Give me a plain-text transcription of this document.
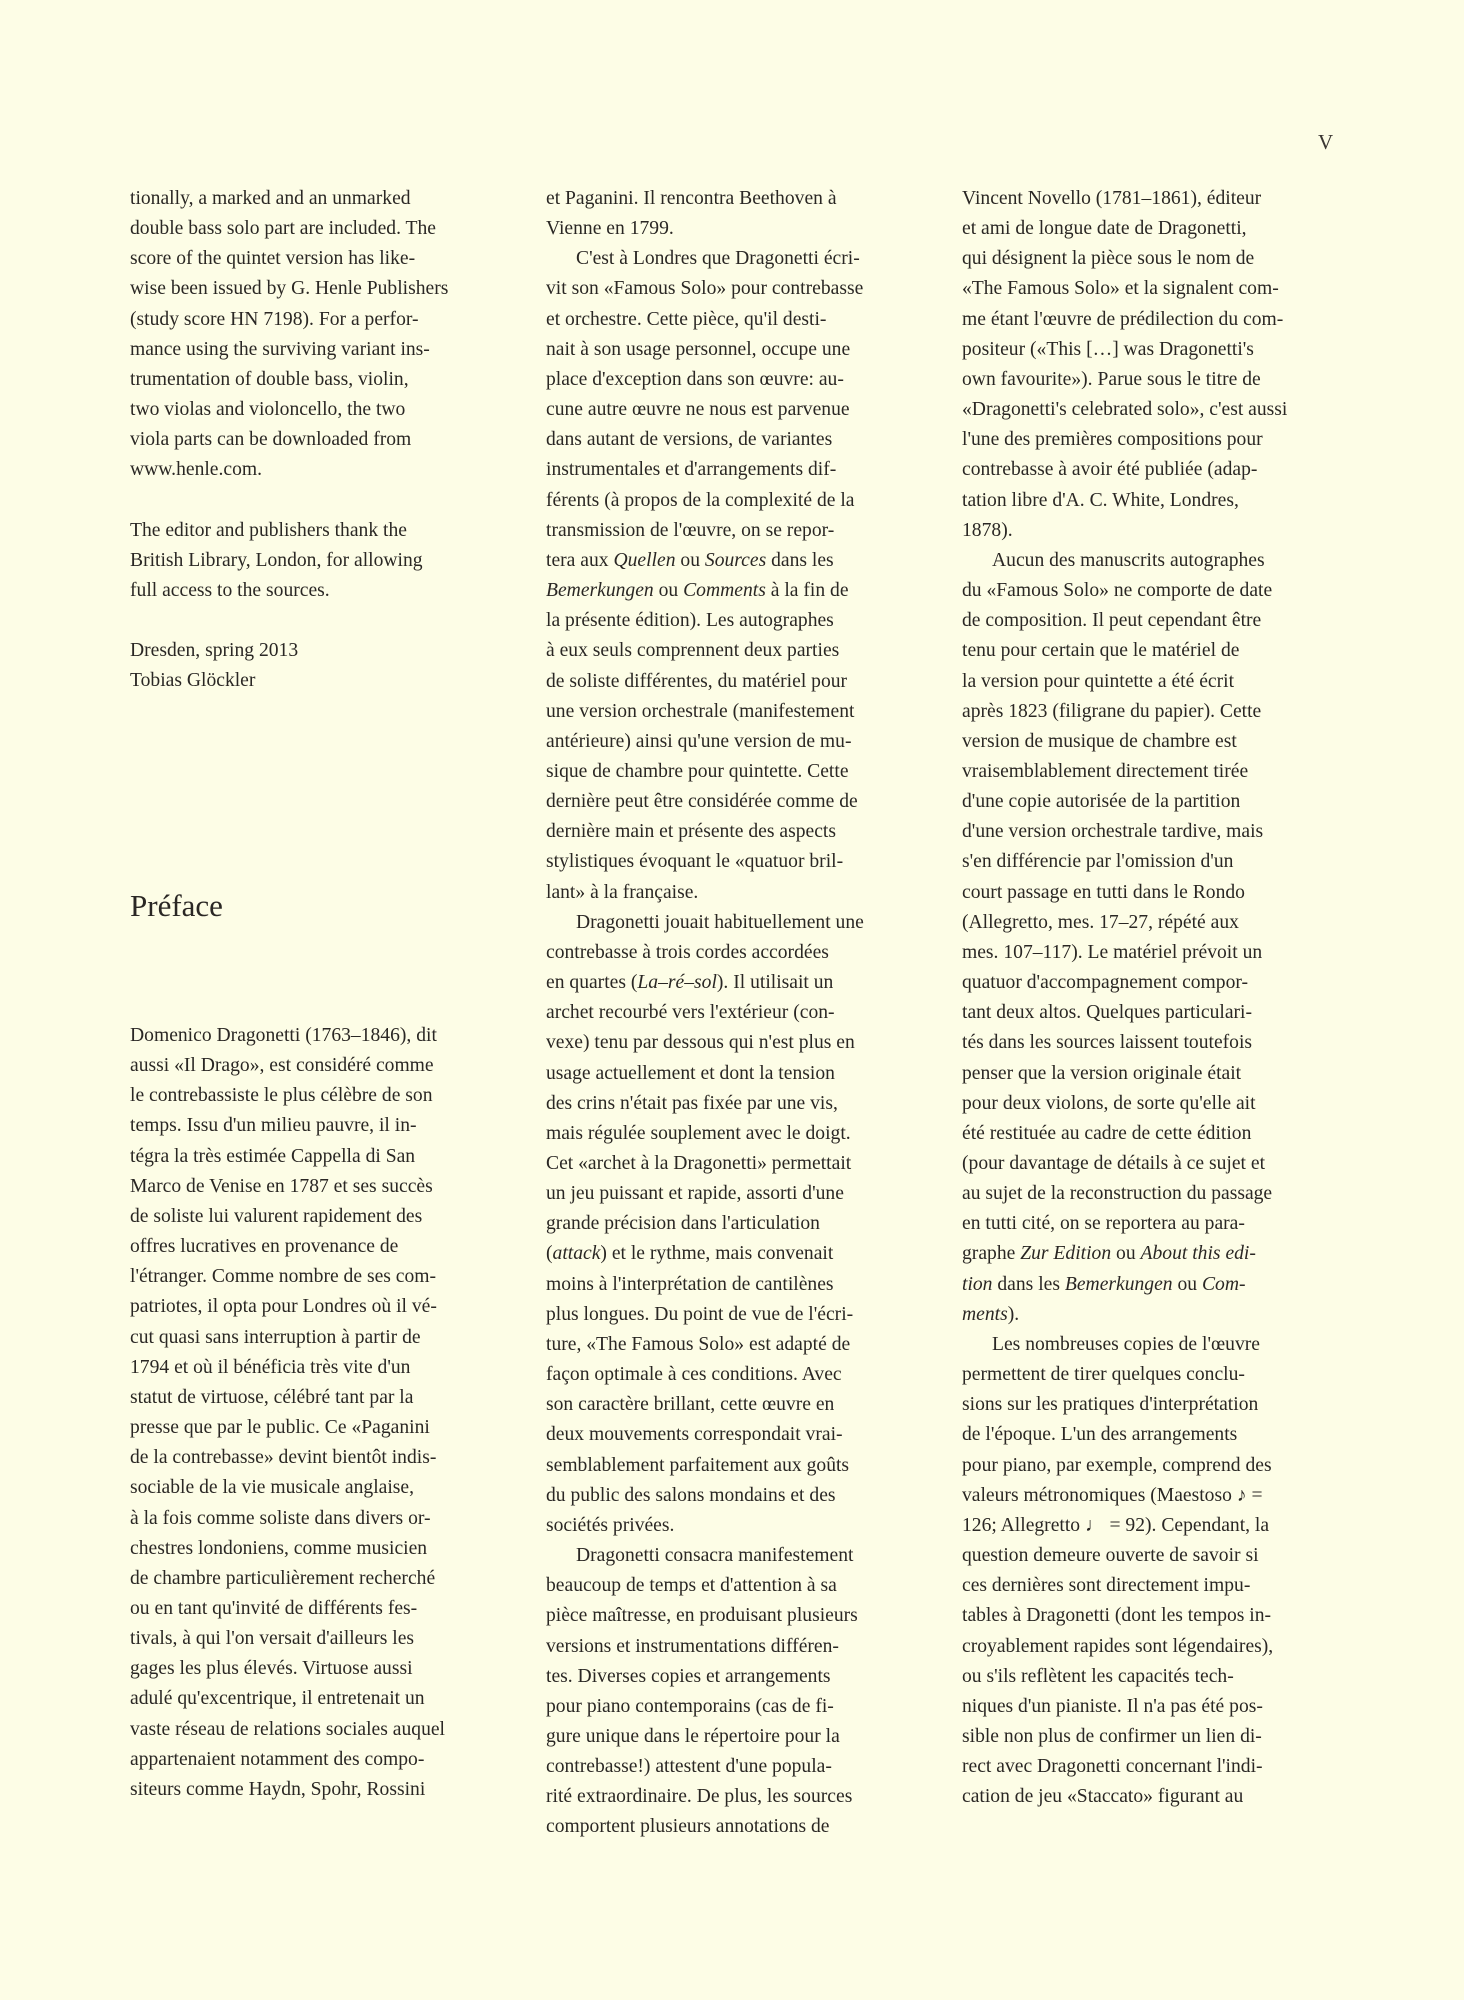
V
tionally, a marked and an unmarked
double bass solo part are included. The
score of the quintet version has like-
wise been issued by G. Henle Publishers
(study score HN 7198). For a perfor-
mance using the surviving variant ins-
trumentation of double bass, violin,
two violas and violoncello, the two
viola parts can be downloaded from
www.henle.com.
The editor and publishers thank the
British Library, London, for allowing
full access to the sources.
Dresden, spring 2013
Tobias Glöckler
Préface
Domenico Dragonetti (1763–1846), dit
aussi «Il Drago», est considéré comme
le contrebassiste le plus célèbre de son
temps. Issu d'un milieu pauvre, il in-
tégra la très estimée Cappella di San
Marco de Venise en 1787 et ses succès
de soliste lui valurent rapidement des
offres lucratives en provenance de
l'étranger. Comme nombre de ses com-
patriotes, il opta pour Londres où il vé-
cut quasi sans interruption à partir de
1794 et où il bénéficia très vite d'un
statut de virtuose, célébré tant par la
presse que par le public. Ce «Paganini
de la contrebasse» devint bientôt indis-
sociable de la vie musicale anglaise,
à la fois comme soliste dans divers or-
chestres londoniens, comme musicien
de chambre particulièrement recherché
ou en tant qu'invité de différents fes-
tivals, à qui l'on versait d'ailleurs les
gages les plus élevés. Virtuose aussi
adulé qu'excentrique, il entretenait un
vaste réseau de relations sociales auquel
appartenaient notamment des compo-
siteurs comme Haydn, Spohr, Rossini
et Paganini. Il rencontra Beethoven à
Vienne en 1799.
C'est à Londres que Dragonetti écri-
vit son «Famous Solo» pour contrebasse
et orchestre. Cette pièce, qu'il desti-
nait à son usage personnel, occupe une
place d'exception dans son œuvre: au-
cune autre œuvre ne nous est parvenue
dans autant de versions, de variantes
instrumentales et d'arrangements dif-
férents (à propos de la complexité de la
transmission de l'œuvre, on se repor-
tera aux Quellen ou Sources dans les
Bemerkungen ou Comments à la fin de
la présente édition). Les autographes
à eux seuls comprennent deux parties
de soliste différentes, du matériel pour
une version orchestrale (manifestement
antérieure) ainsi qu'une version de mu-
sique de chambre pour quintette. Cette
dernière peut être considérée comme de
dernière main et présente des aspects
stylistiques évoquant le «quatuor bril-
lant» à la française.
Dragonetti jouait habituellement une
contrebasse à trois cordes accordées
en quartes (La–ré–sol). Il utilisait un
archet recourbé vers l'extérieur (con-
vexe) tenu par dessous qui n'est plus en
usage actuellement et dont la tension
des crins n'était pas fixée par une vis,
mais régulée souplement avec le doigt.
Cet «archet à la Dragonetti» permettait
un jeu puissant et rapide, assorti d'une
grande précision dans l'articulation
(attack) et le rythme, mais convenait
moins à l'interprétation de cantilènes
plus longues. Du point de vue de l'écri-
ture, «The Famous Solo» est adapté de
façon optimale à ces conditions. Avec
son caractère brillant, cette œuvre en
deux mouvements correspondait vrai-
semblablement parfaitement aux goûts
du public des salons mondains et des
sociétés privées.
Dragonetti consacra manifestement
beaucoup de temps et d'attention à sa
pièce maîtresse, en produisant plusieurs
versions et instrumentations différen-
tes. Diverses copies et arrangements
pour piano contemporains (cas de fi-
gure unique dans le répertoire pour la
contrebasse!) attestent d'une popula-
rité extraordinaire. De plus, les sources
comportent plusieurs annotations de
Vincent Novello (1781–1861), éditeur
et ami de longue date de Dragonetti,
qui désignent la pièce sous le nom de
«The Famous Solo» et la signalent com-
me étant l'œuvre de prédilection du com-
positeur («This […] was Dragonetti's
own favourite»). Parue sous le titre de
«Dragonetti's celebrated solo», c'est aussi
l'une des premières compositions pour
contrebasse à avoir été publiée (adap-
tation libre d'A. C. White, Londres,
1878).
Aucun des manuscrits autographes
du «Famous Solo» ne comporte de date
de composition. Il peut cependant être
tenu pour certain que le matériel de
la version pour quintette a été écrit
après 1823 (filigrane du papier). Cette
version de musique de chambre est
vraisemblablement directement tirée
d'une copie autorisée de la partition
d'une version orchestrale tardive, mais
s'en différencie par l'omission d'un
court passage en tutti dans le Rondo
(Allegretto, mes. 17–27, répété aux
mes. 107–117). Le matériel prévoit un
quatuor d'accompagnement compor-
tant deux altos. Quelques particulari-
tés dans les sources laissent toutefois
penser que la version originale était
pour deux violons, de sorte qu'elle ait
été restituée au cadre de cette édition
(pour davantage de détails à ce sujet et
au sujet de la reconstruction du passage
en tutti cité, on se reportera au para-
graphe Zur Edition ou About this edi-
tion dans les Bemerkungen ou Com-
ments).
Les nombreuses copies de l'œuvre
permettent de tirer quelques conclu-
sions sur les pratiques d'interprétation
de l'époque. L'un des arrangements
pour piano, par exemple, comprend des
valeurs métronomiques (Maestoso ♪ =
126; Allegretto ♩ = 92). Cependant, la
question demeure ouverte de savoir si
ces dernières sont directement impu-
tables à Dragonetti (dont les tempos in-
croyablement rapides sont légendaires),
ou s'ils reflètent les capacités tech-
niques d'un pianiste. Il n'a pas été pos-
sible non plus de confirmer un lien di-
rect avec Dragonetti concernant l'indi-
cation de jeu «Staccato» figurant au
